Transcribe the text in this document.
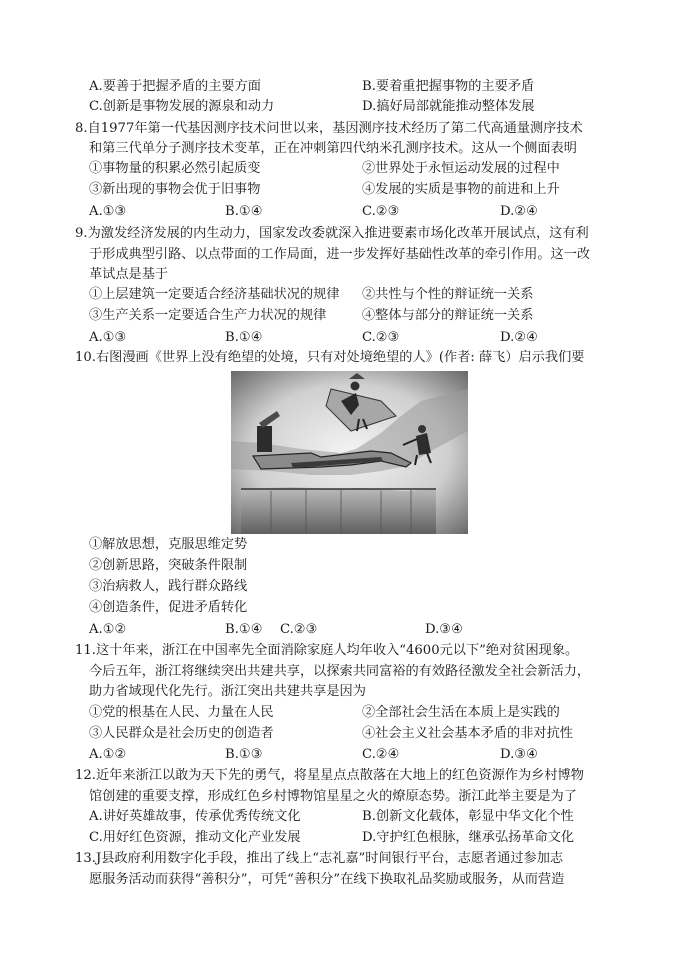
A.要善于把握矛盾的主要方面	B.要着重把握事物的主要矛盾
C.创新是事物发展的源泉和动力	D.搞好局部就能推动整体发展
8.自1977年第一代基因测序技术问世以来，基因测序技术经历了第二代高通量测序技术
和第三代单分子测序技术变革，正在冲刺第四代纳米孔测序技术。这从一个侧面表明
①事物量的积累必然引起质变	②世界处于永恒运动发展的过程中
③新出现的事物会优于旧事物	④发展的实质是事物的前进和上升
A.①③	B.①④	C.②③	D.②④
9.为激发经济发展的内生动力，国家发改委就深入推进要素市场化改革开展试点，这有利
于形成典型引路、以点带面的工作局面，进一步发挥好基础性改革的牵引作用。这一改
革试点是基于
①上层建筑一定要适合经济基础状况的规律 ②共性与个性的辩证统一关系
③生产关系一定要适合生产力状况的规律	④整体与部分的辩证统一关系
A.①③	B.①④	C.②③	D.②④
10.右图漫画《世界上没有绝望的处境，只有对处境绝望的人》(作者: 薛飞）启示我们要
①解放思想，克服思维定势
②创新思路，突破条件限制
③治病救人，践行群众路线
④创造条件，促进矛盾转化
A.①②	B.①④ C.②③	D.③④
11.这十年来，浙江在中国率先全面消除家庭人均年收入“4600元以下”绝对贫困现象。
今后五年，浙江将继续突出共建共享，以探索共同富裕的有效路径激发全社会新活力，
助力省域现代化先行。浙江突出共建共享是因为
①党的根基在人民、力量在人民	②全部社会生活在本质上是实践的
③人民群众是社会历史的创造者	④社会主义社会基本矛盾的非对抗性
A.①②	B.①③	C.②④	D.③④
12.近年来浙江以敢为天下先的勇气，将星星点点散落在大地上的红色资源作为乡村博物
馆创建的重要支撑，形成红色乡村博物馆星星之火的燎原态势。浙江此举主要是为了
A.讲好英雄故事，传承优秀传统文化	B.创新文化载体，彰显中华文化个性
C.用好红色资源，推动文化产业发展	D.守护红色根脉，继承弘扬革命文化
13.J县政府利用数字化手段，推出了线上“志礼嘉”时间银行平台，志愿者通过参加志
愿服务活动而获得“善积分”，可凭“善积分”在线下换取礼品奖励或服务，从而营造
